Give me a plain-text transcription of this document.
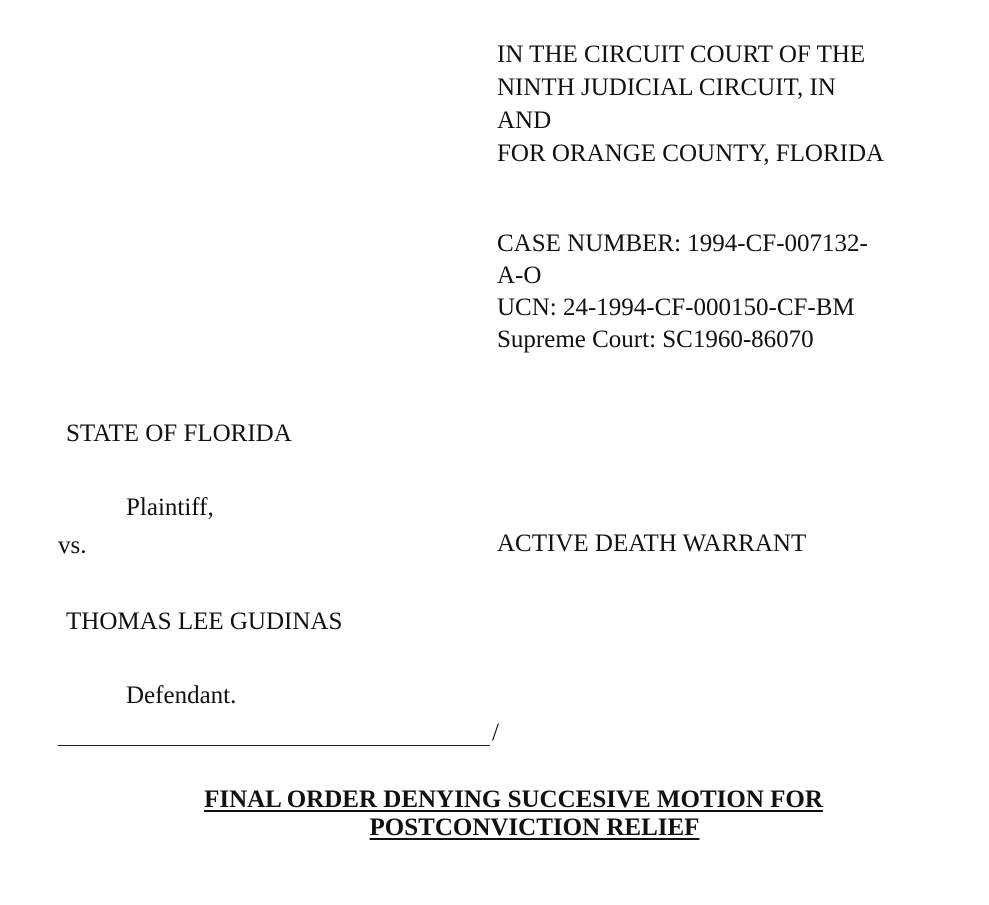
IN THE CIRCUIT COURT OF THE
NINTH JUDICIAL CIRCUIT, IN
AND
FOR ORANGE COUNTY, FLORIDA
CASE NUMBER: 1994-CF-007132-
A-O
UCN: 24-1994-CF-000150-CF-BM
Supreme Court: SC1960-86070
STATE OF FLORIDA
Plaintiff,
vs.	ACTIVE DEATH WARRANT
THOMAS LEE GUDINAS
Defendant.
/
FINAL ORDER DENYING SUCCESIVE MOTION FOR
POSTCONVICTION RELIEF
